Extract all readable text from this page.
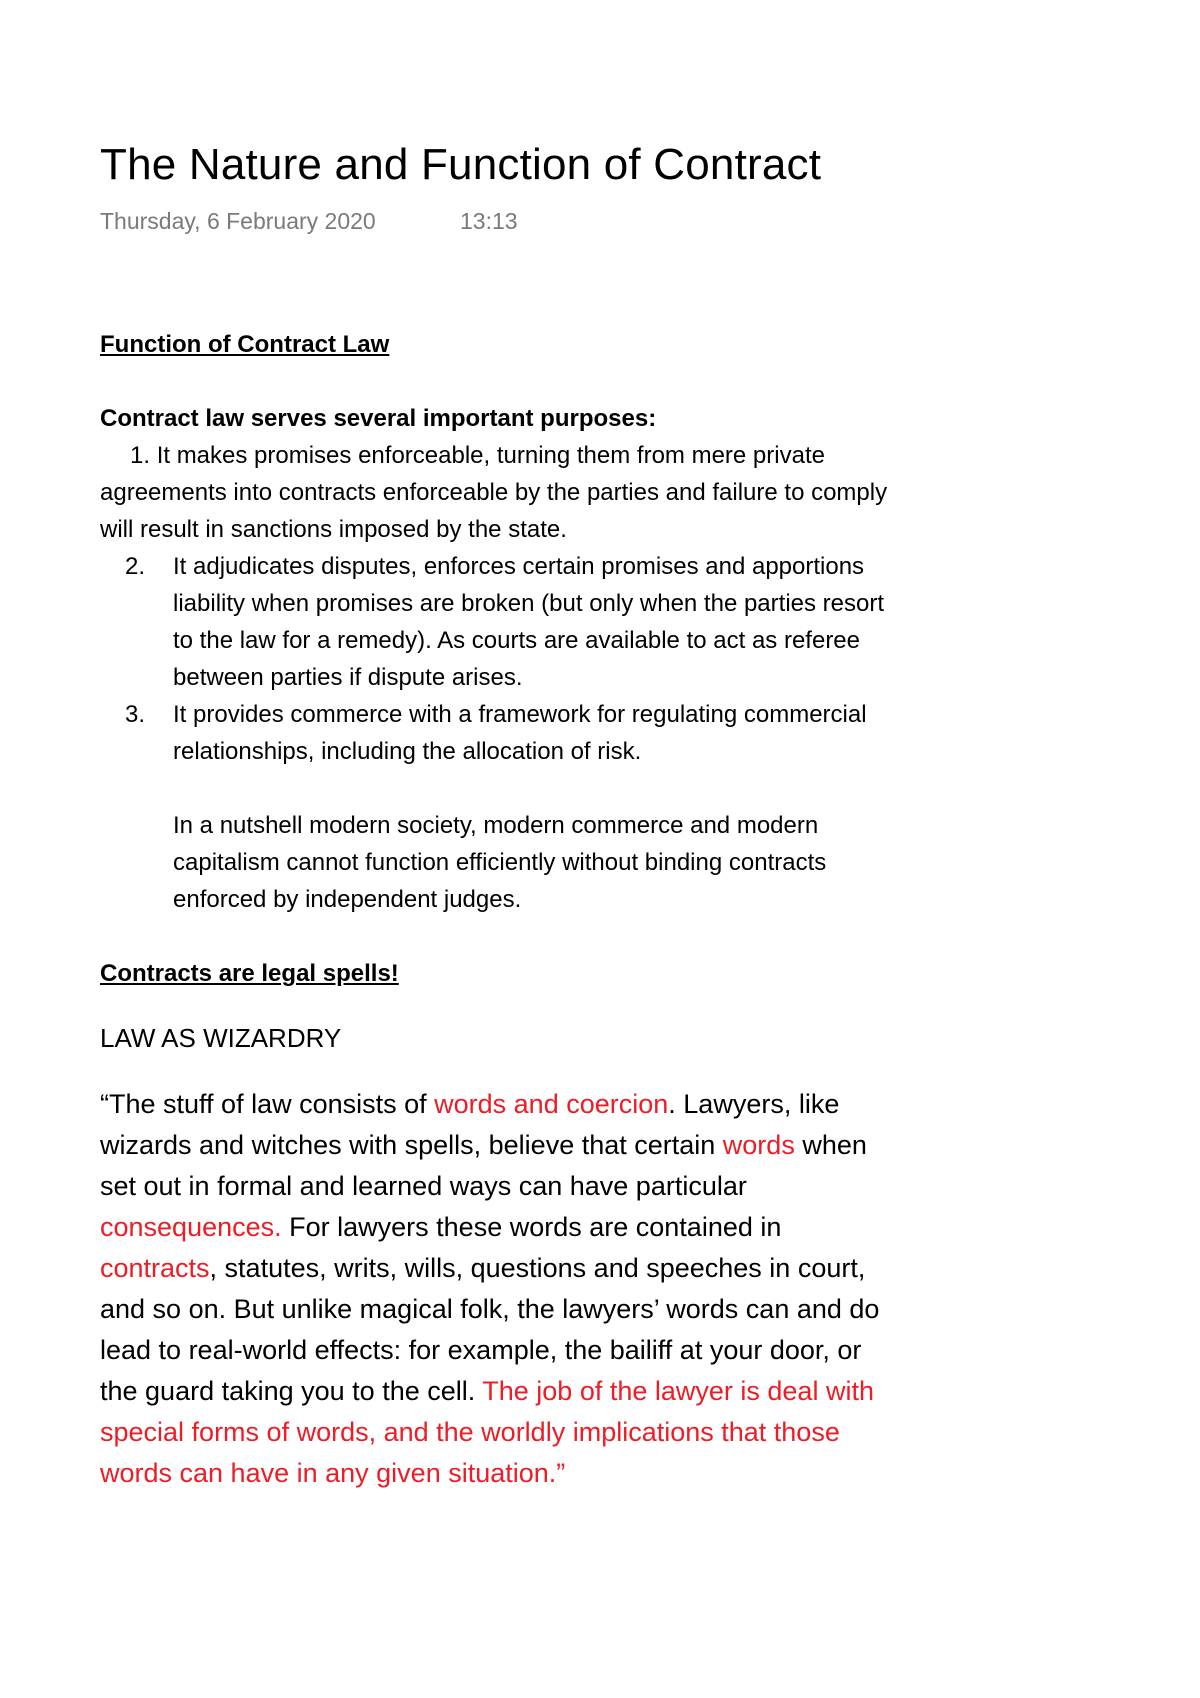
The Nature and Function of Contract
Thursday, 6 February 2020	13:13

Function of Contract Law

Contract law serves several important purposes:

1. It makes promises enforceable, turning them from mere private agreements into contracts enforceable by the parties and failure to comply will result in sanctions imposed by the state.
2. It adjudicates disputes, enforces certain promises and apportions liability when promises are broken (but only when the parties resort to the law for a remedy). As courts are available to act as referee between parties if dispute arises.
3. It provides commerce with a framework for regulating commercial relationships, including the allocation of risk.

In a nutshell modern society, modern commerce and modern capitalism cannot function efficiently without binding contracts enforced by independent judges.

Contracts are legal spells!

LAW AS WIZARDRY

“The stuff of law consists of words and coercion. Lawyers, like wizards and witches with spells, believe that certain words when set out in formal and learned ways can have particular consequences. For lawyers these words are contained in contracts, statutes, writs, wills, questions and speeches in court, and so on. But unlike magical folk, the lawyers’ words can and do lead to real-world effects: for example, the bailiff at your door, or the guard taking you to the cell. The job of the lawyer is deal with special forms of words, and the worldly implications that those words can have in any given situation.”
